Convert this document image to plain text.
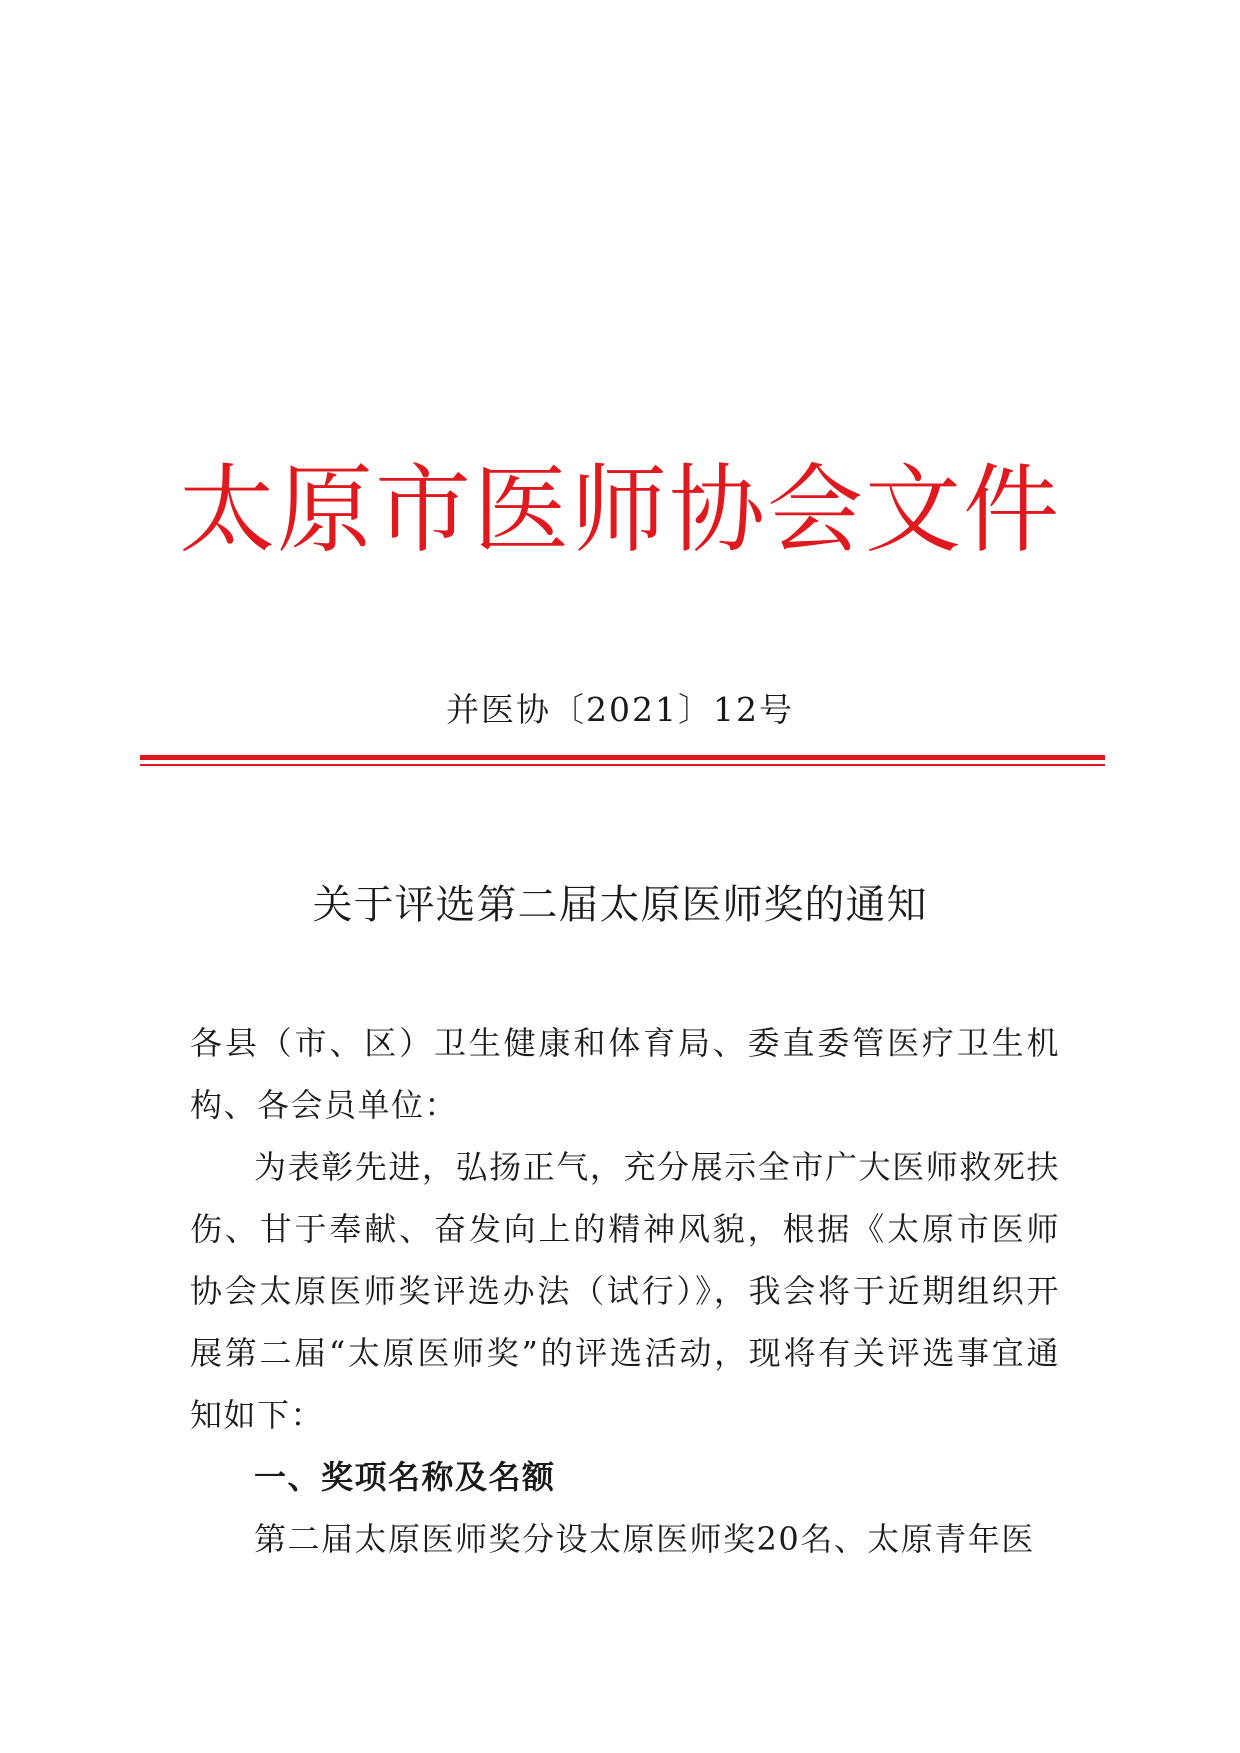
太原市医师协会文件
并医协〔2021〕12号
关于评选第二届太原医师奖的通知
各县（市、区）卫生健康和体育局、委直委管医疗卫生机构、各会员单位：
为表彰先进，弘扬正气，充分展示全市广大医师救死扶伤、甘于奉献、奋发向上的精神风貌，根据《太原市医师协会太原医师奖评选办法（试行）》，我会将于近期组织开展第二届“太原医师奖”的评选活动，现将有关评选事宜通知如下：
一、奖项名称及名额
第二届太原医师奖分设太原医师奖20名、太原青年医
